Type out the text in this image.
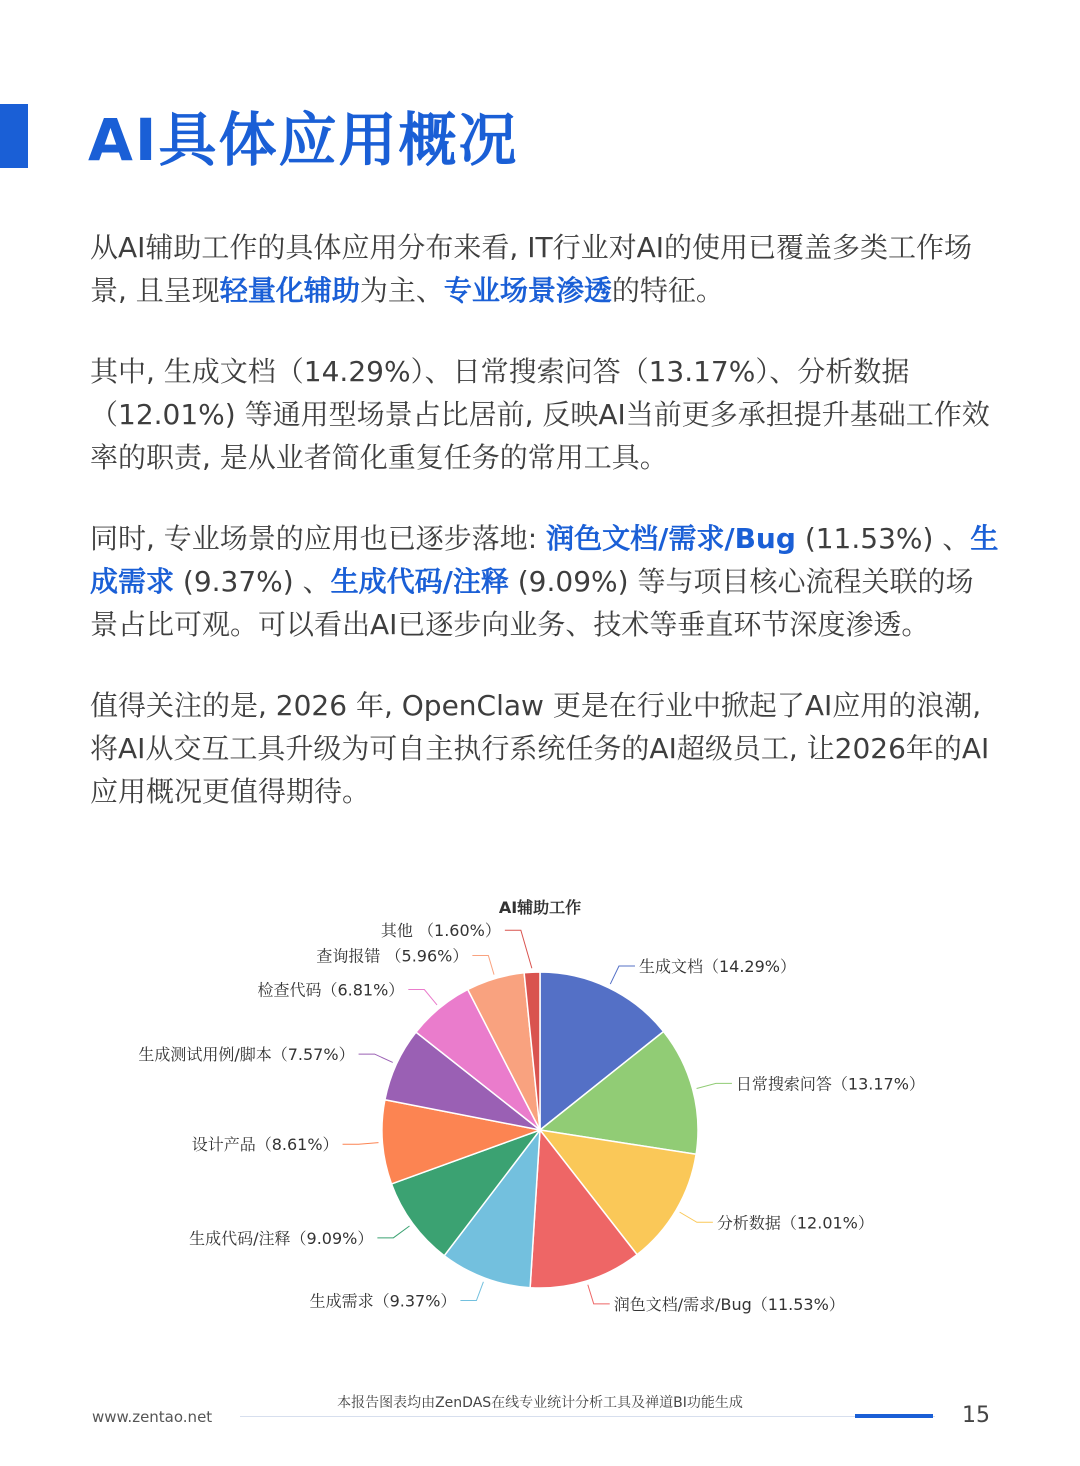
AI具体应用概况

从AI辅助工作的具体应用分布来看, IT行业对AI的使用已覆盖多类工作场景, 且呈现轻量化辅助为主、专业场景渗透的特征。

其中, 生成文档（14.29%）、日常搜索问答（13.17%）、分析数据（12.01%) 等通用型场景占比居前, 反映AI当前更多承担提升基础工作效率的职责, 是从业者简化重复任务的常用工具。

同时, 专业场景的应用也已逐步落地: 润色文档/需求/Bug (11.53%) 、生成需求 (9.37%) 、生成代码/注释 (9.09%) 等与项目核心流程关联的场景占比可观。可以看出AI已逐步向业务、技术等垂直环节深度渗透。

值得关注的是, 2026 年, OpenClaw 更是在行业中掀起了AI应用的浪潮, 将AI从交互工具升级为可自主执行系统任务的AI超级员工, 让2026年的AI应用概况更值得期待。

AI辅助工作
生成文档（14.29%）
日常搜索问答（13.17%）
分析数据（12.01%）
润色文档/需求/Bug（11.53%）
生成需求（9.37%）
生成代码/注释（9.09%）
设计产品（8.61%）
生成测试用例/脚本（7.57%）
检查代码（6.81%）
查询报错 （5.96%）
其他 （1.60%）
本报告图表均由ZenDAS在线专业统计分析工具及禅道BI功能生成
www.zentao.net	15
